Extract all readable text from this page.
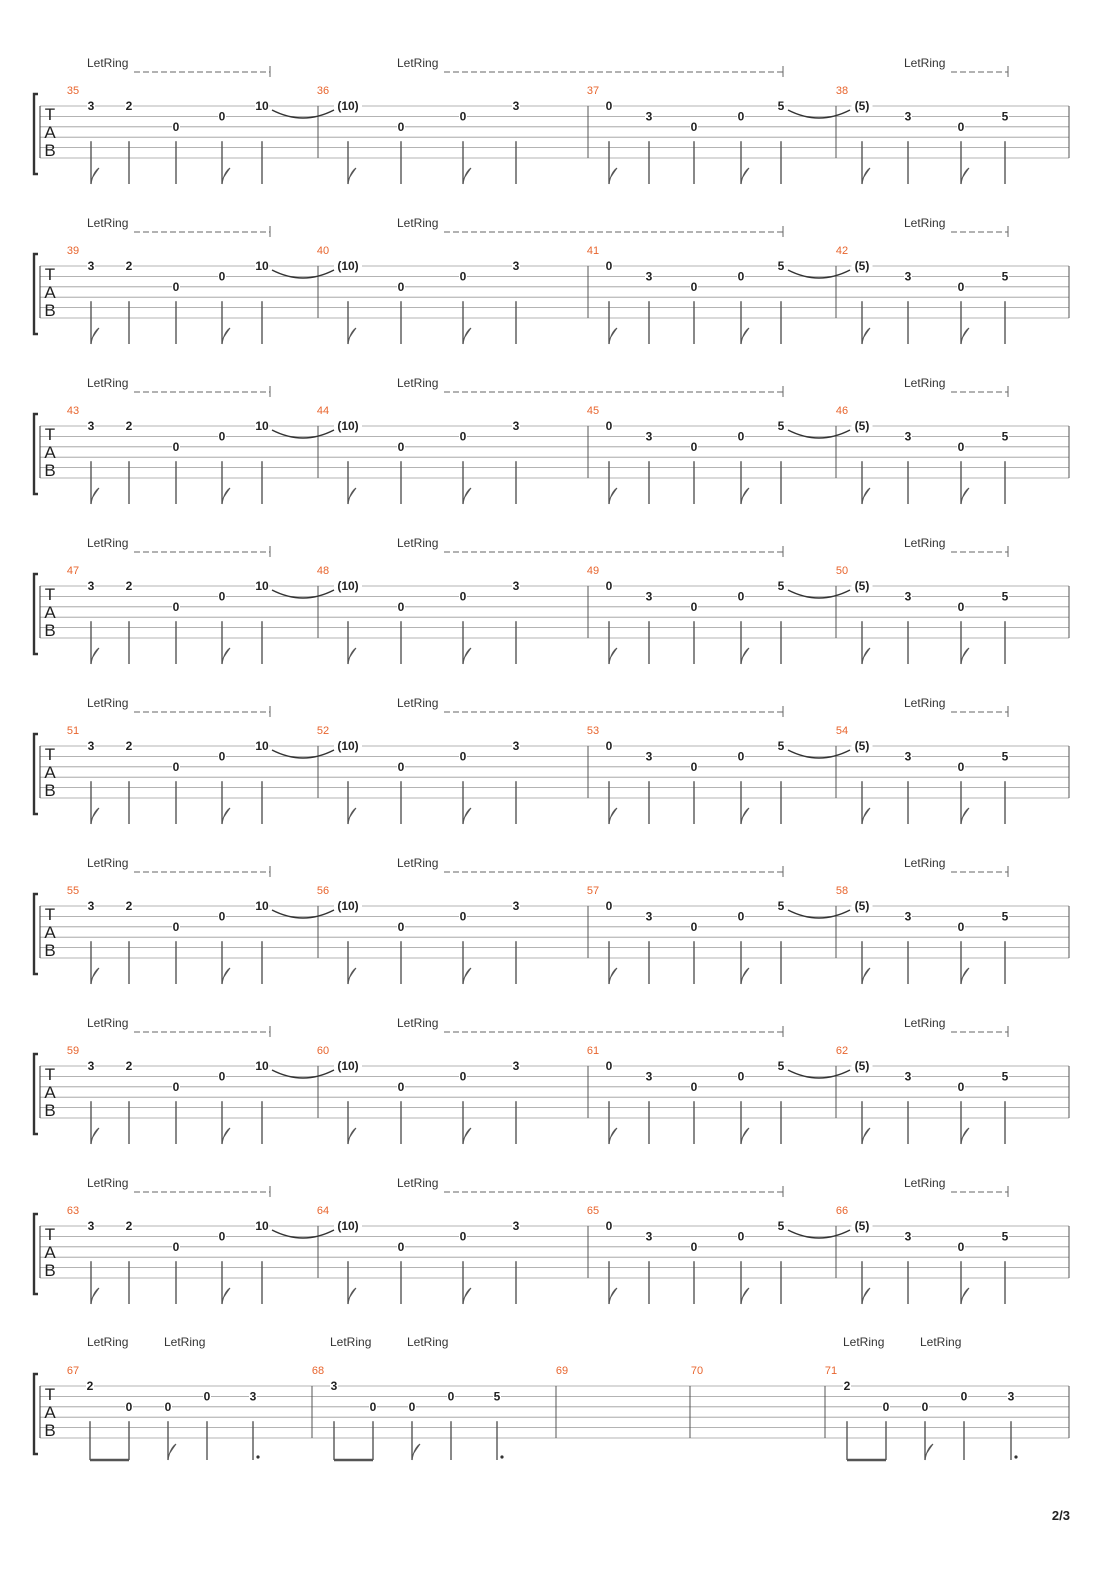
T
A
B
35	36	37	38
3	2
0
0
10	(10)
0
0
3	0
3
0
0
5	(5)
3
0
5
LetRing	LetRing	LetRing
T
A
B
39	40	41	42
3	2
0
0
10	(10)
0
0
3	0
3
0
0
5	(5)
3
0
5
LetRing	LetRing	LetRing
T
A
B
43	44	45	46
3	2
0
0
10	(10)
0
0
3	0
3
0
0
5	(5)
3
0
5
LetRing	LetRing	LetRing
T
A
B
47	48	49	50
3	2
0
0
10	(10)
0
0
3	0
3
0
0
5	(5)
3
0
5
LetRing	LetRing	LetRing
T
A
B
51	52	53	54
3	2
0
0
10	(10)
0
0
3	0
3
0
0
5	(5)
3
0
5
LetRing	LetRing	LetRing
T
A
B
55	56	57	58
3	2
0
0
10	(10)
0
0
3	0
3
0
0
5	(5)
3
0
5
LetRing	LetRing	LetRing
T
A
B
59	60	61	62
3	2
0
0
10	(10)
0
0
3	0
3
0
0
5	(5)
3
0
5
LetRing	LetRing	LetRing
T
A
B
63	64	65	66
3	2
0
0
10	(10)
0
0
3	0
3
0
0
5	(5)
3
0
5
LetRing	LetRing	LetRing
T
A
B
67
2
0	0
0	3
68
3
0	0
0	5
69	70	71
2
0	0
0	3
LetRing	LetRing	LetRing	LetRing	LetRing	LetRing
2/3
